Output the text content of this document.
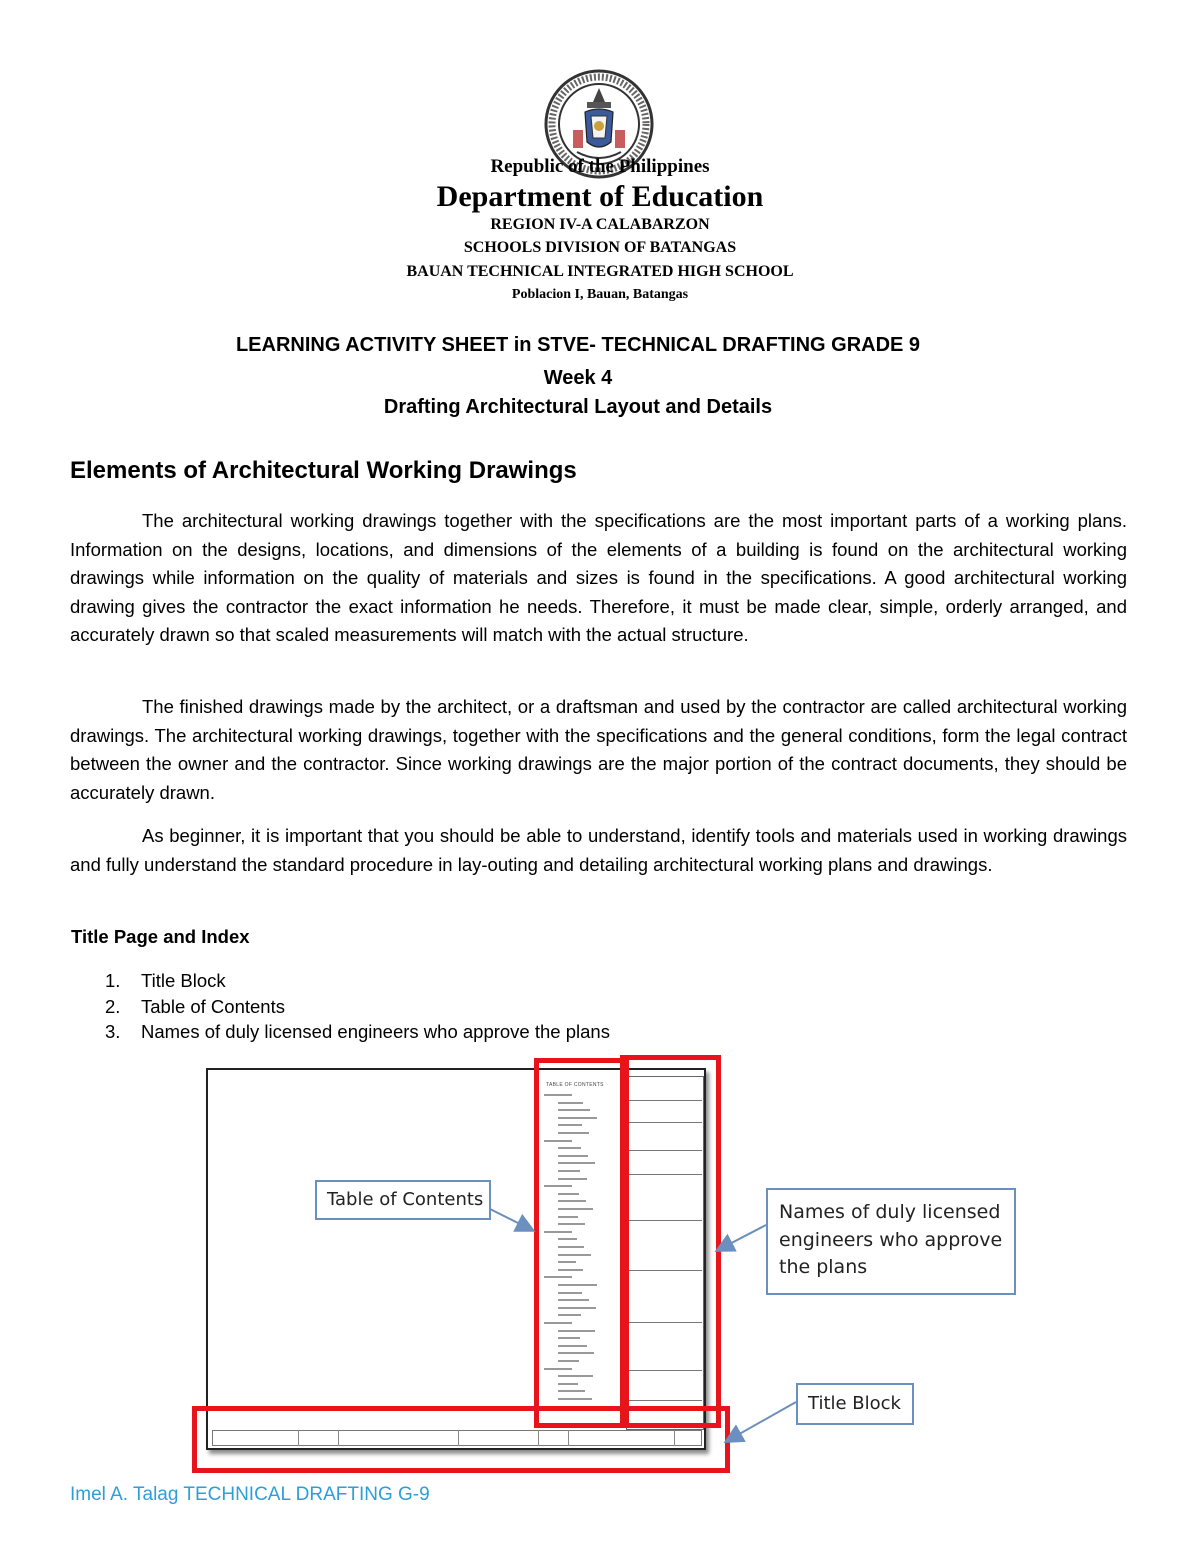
Republic of the Philippines
Department of Education
REGION IV-A CALABARZON
SCHOOLS DIVISION OF BATANGAS
BAUAN TECHNICAL INTEGRATED HIGH SCHOOL
Poblacion I, Bauan, Batangas
LEARNING ACTIVITY SHEET in STVE- TECHNICAL DRAFTING GRADE 9
Week 4
Drafting Architectural Layout and Details
Elements of Architectural Working Drawings

The architectural working drawings together with the specifications are the most important parts of a working plans. Information on the designs, locations, and dimensions of the elements of a building is found on the architectural working drawings while information on the quality of materials and sizes is found in the specifications. A good architectural working drawing gives the contractor the exact information he needs. Therefore, it must be made clear, simple, orderly arranged, and accurately drawn so that scaled measurements will match with the actual structure.

The finished drawings made by the architect, or a draftsman and used by the contractor are called architectural working drawings. The architectural working drawings, together with the specifications and the general conditions, form the legal contract between the owner and the contractor. Since working drawings are the major portion of the contract documents, they should be accurately drawn.

As beginner, it is important that you should be able to understand, identify tools and materials used in working drawings and fully understand the standard procedure in lay-outing and detailing architectural working plans and drawings.

Title Page and Index
1.	Title Block
2.	Table of Contents
3.	Names of duly licensed engineers who approve the plans
TABLE OF CONTENTS
Table of Contents
Names of duly licensed
engineers who approve
the plans
Title Block
Imel A. Talag TECHNICAL DRAFTING G-9
